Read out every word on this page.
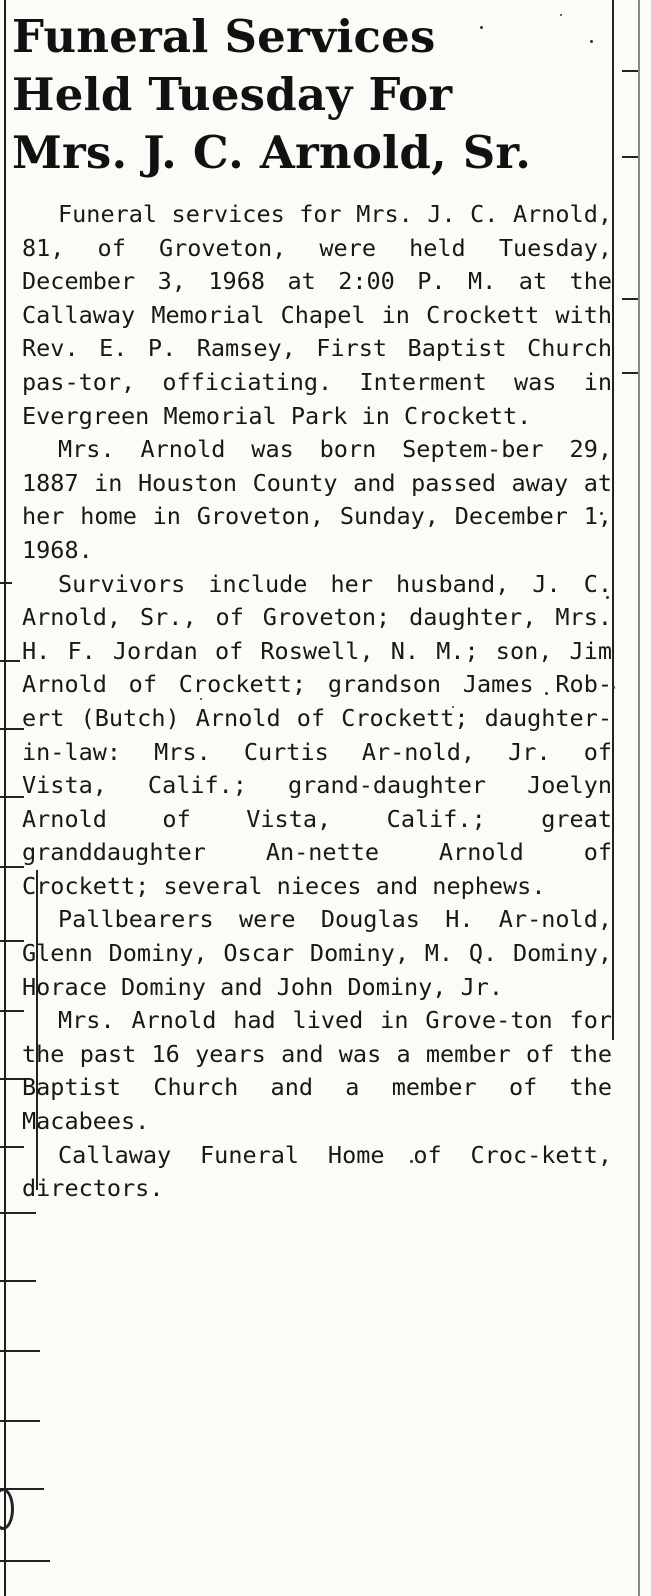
Funeral Services
Held Tuesday For
Mrs. J. C. Arnold, Sr.

Funeral services for Mrs. J. C. Arnold, 81, of Groveton, were held Tuesday, December 3, 1968 at 2:00 P. M. at the Callaway Memorial Chapel in Crockett with Rev. E. P. Ramsey, First Baptist Church pas-tor, officiating. Interment was in Evergreen Memorial Park in Crockett.

Mrs. Arnold was born Septem-ber 29, 1887 in Houston County and passed away at her home in Groveton, Sunday, December 1, 1968.

Survivors include her husband, J. C. Arnold, Sr., of Groveton; daughter, Mrs. H. F. Jordan of Roswell, N. M.; son, Jim Arnold of Crockett; grandson James Rob-ert (Butch) Arnold of Crockett; daughter-in-law: Mrs. Curtis Ar-nold, Jr. of Vista, Calif.; grand-daughter Joelyn Arnold of Vista, Calif.; great granddaughter An-nette Arnold of Crockett; several nieces and nephews.

Pallbearers were Douglas H. Ar-nold, Glenn Dominy, Oscar Dominy, M. Q. Dominy, Horace Dominy and John Dominy, Jr.

Mrs. Arnold had lived in Grove-ton for the past 16 years and was a member of the Baptist Church and a member of the Macabees.

Callaway Funeral Home of Croc-kett, directors.
